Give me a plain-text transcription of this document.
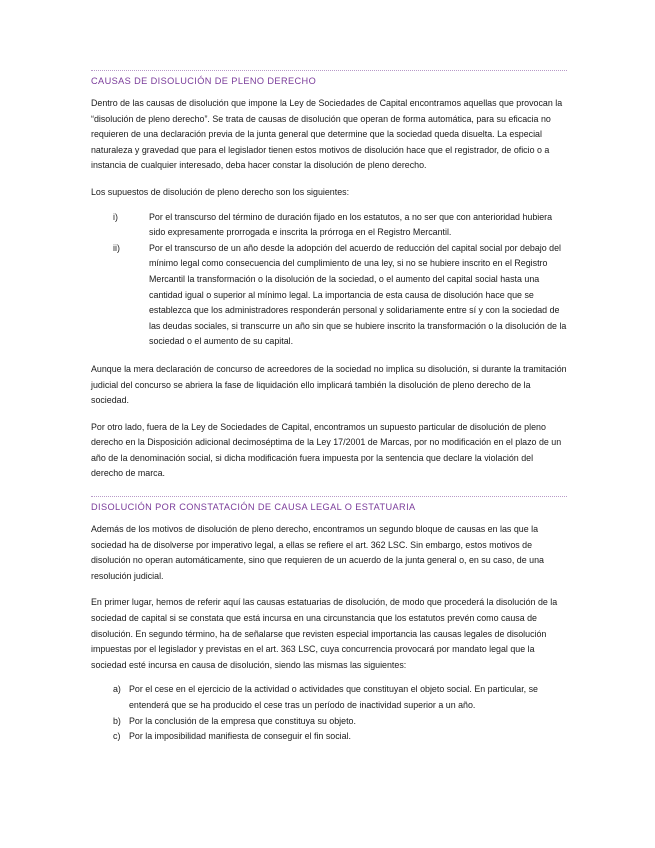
CAUSAS DE DISOLUCIÓN DE PLENO DERECHO

Dentro de las causas de disolución que impone la Ley de Sociedades de Capital encontramos aquellas que provocan la “disolución de pleno derecho”. Se trata de causas de disolución que operan de forma automática, para su eficacia no requieren de una declaración previa de la junta general que determine que la sociedad queda disuelta. La especial naturaleza y gravedad que para el legislador tienen estos motivos de disolución hace que el registrador, de oficio o a instancia de cualquier interesado, deba hacer constar la disolución de pleno derecho.

Los supuestos de disolución de pleno derecho son los siguientes:

i)	Por el transcurso del término de duración fijado en los estatutos, a no ser que con anterioridad hubiera sido expresamente prorrogada e inscrita la prórroga en el Registro Mercantil.
ii)	Por el transcurso de un año desde la adopción del acuerdo de reducción del capital social por debajo del mínimo legal como consecuencia del cumplimiento de una ley, si no se hubiere inscrito en el Registro Mercantil la transformación o la disolución de la sociedad, o el aumento del capital social hasta una cantidad igual o superior al mínimo legal. La importancia de esta causa de disolución hace que se establezca que los administradores responderán personal y solidariamente entre sí y con la sociedad de las deudas sociales, si transcurre un año sin que se hubiere inscrito la transformación o la disolución de la sociedad o el aumento de su capital.

Aunque la mera declaración de concurso de acreedores de la sociedad no implica su disolución, si durante la tramitación judicial del concurso se abriera la fase de liquidación ello implicará también la disolución de pleno derecho de la sociedad.

Por otro lado, fuera de la Ley de Sociedades de Capital, encontramos un supuesto particular de disolución de pleno derecho en la Disposición adicional decimoséptima de la Ley 17/2001 de Marcas, por no modificación en el plazo de un año de la denominación social, si dicha modificación fuera impuesta por la sentencia que declare la violación del derecho de marca.

DISOLUCIÓN POR CONSTATACIÓN DE CAUSA LEGAL O ESTATUARIA

Además de los motivos de disolución de pleno derecho, encontramos un segundo bloque de causas en las que la sociedad ha de disolverse por imperativo legal, a ellas se refiere el art. 362 LSC. Sin embargo, estos motivos de disolución no operan automáticamente, sino que requieren de un acuerdo de la junta general o, en su caso, de una resolución judicial.

En primer lugar, hemos de referir aquí las causas estatuarias de disolución, de modo que procederá la disolución de la sociedad de capital si se constata que está incursa en una circunstancia que los estatutos prevén como causa de disolución. En segundo término, ha de señalarse que revisten especial importancia las causas legales de disolución impuestas por el legislador y previstas en el art. 363 LSC, cuya concurrencia provocará por mandato legal que la sociedad esté incursa en causa de disolución, siendo las mismas las siguientes:

a) Por el cese en el ejercicio de la actividad o actividades que constituyan el objeto social. En particular, se entenderá que se ha producido el cese tras un período de inactividad superior a un año.
b) Por la conclusión de la empresa que constituya su objeto.
c) Por la imposibilidad manifiesta de conseguir el fin social.
